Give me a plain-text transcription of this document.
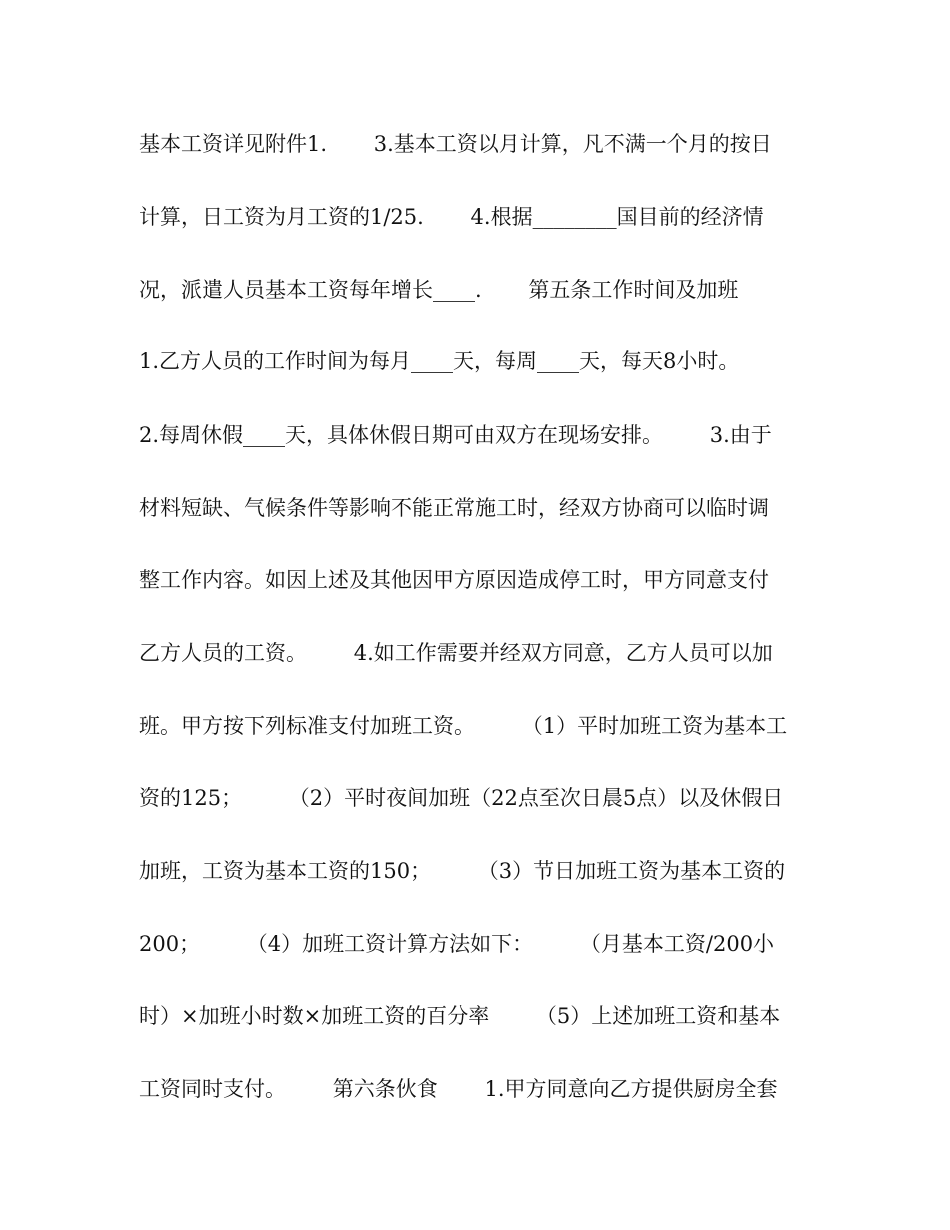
基本工资详见附件1.       3.基本工资以月计算，凡不满一个月的按日
计算，日工资为月工资的1/25.       4.根据________国目前的经济情
况，派遣人员基本工资每年增长____.       第五条工作时间及加班
1.乙方人员的工作时间为每月____天，每周____天，每天8小时。
2.每周休假____天，具体休假日期可由双方在现场安排。       3.由于
材料短缺、气候条件等影响不能正常施工时，经双方协商可以临时调
整工作内容。如因上述及其他因甲方原因造成停工时，甲方同意支付
乙方人员的工资。       4.如工作需要并经双方同意，乙方人员可以加
班。甲方按下列标准支付加班工资。       （1）平时加班工资为基本工
资的125；       （2）平时夜间加班（22点至次日晨5点）以及休假日
加班，工资为基本工资的150；       （3）节日加班工资为基本工资的
200；       （4）加班工资计算方法如下：       （月基本工资/200小
时）×加班小时数×加班工资的百分率       （5）上述加班工资和基本
工资同时支付。       第六条伙食       1.甲方同意向乙方提供厨房全套
